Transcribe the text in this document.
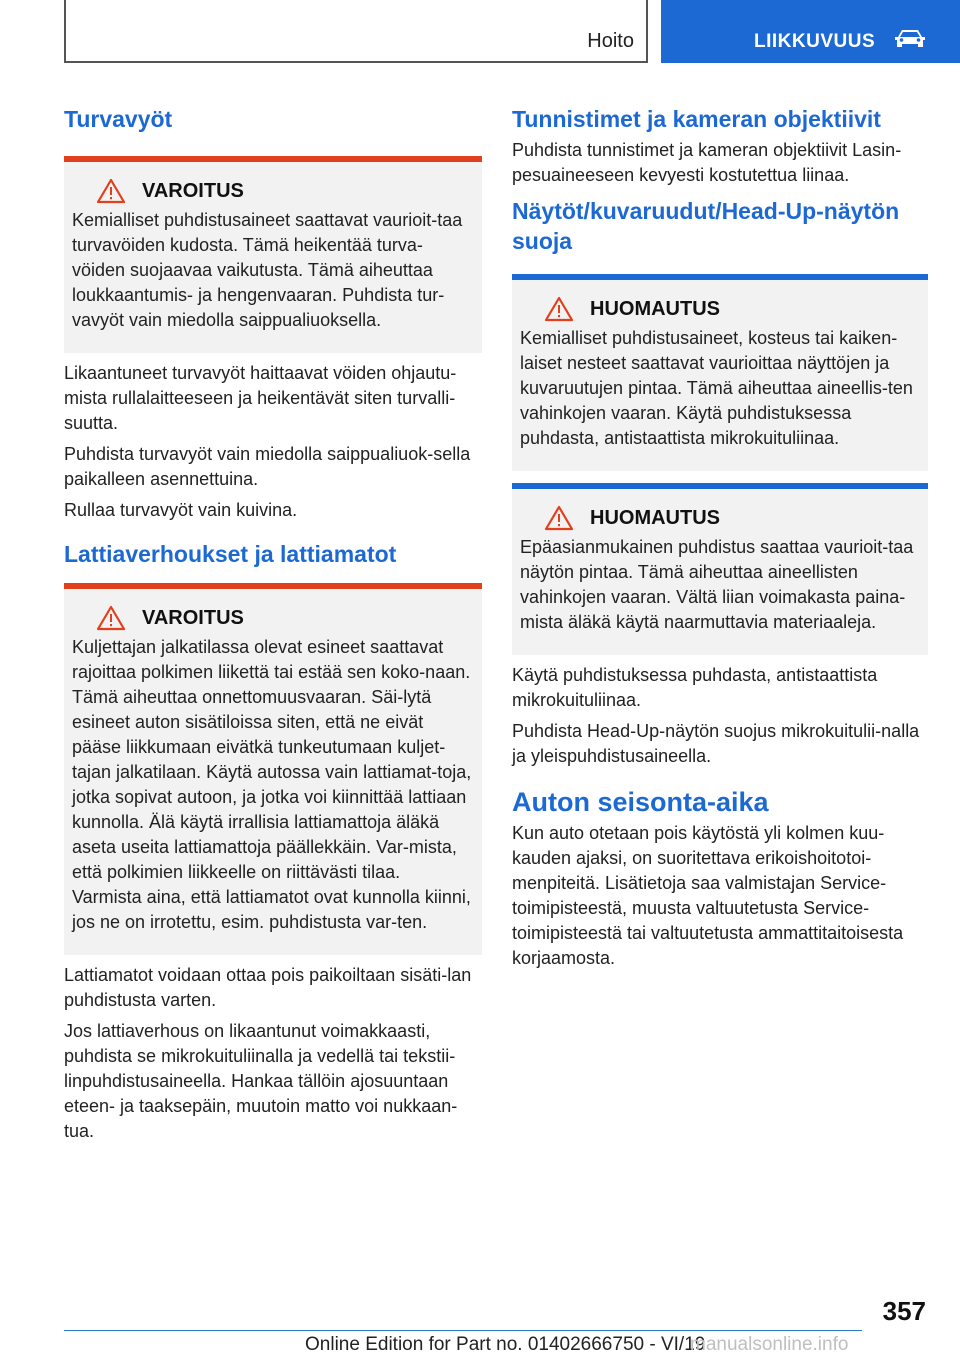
Hoito	LIIKKUVUUS
Turvavyöt
VAROITUS

Kemialliset puhdistusaineet saattavat vaurioit-taa turvavöiden kudosta. Tämä heikentää turva-vöiden suojaavaa vaikutusta. Tämä aiheuttaa loukkaantumis- ja hengenvaaran. Puhdista tur-vavyöt vain miedolla saippualiuoksella.

Likaantuneet turvavyöt haittaavat vöiden ohjautu-mista rullalaitteeseen ja heikentävät siten turvalli-suutta.

Puhdista turvavyöt vain miedolla saippualiuok-sella paikalleen asennettuina.

Rullaa turvavyöt vain kuivina.

Lattiaverhoukset ja lattiamatot
VAROITUS

Kuljettajan jalkatilassa olevat esineet saattavat rajoittaa polkimen liikettä tai estää sen koko-naan. Tämä aiheuttaa onnettomuusvaaran. Säi-lytä esineet auton sisätiloissa siten, että ne eivät pääse liikkumaan eivätkä tunkeutumaan kuljet-tajan jalkatilaan. Käytä autossa vain lattiamat-toja, jotka sopivat autoon, ja jotka voi kiinnittää lattiaan kunnolla. Älä käytä irrallisia lattiamattoja äläkä aseta useita lattiamattoja päällekkäin. Var-mista, että polkimien liikkeelle on riittävästi tilaa. Varmista aina, että lattiamatot ovat kunnolla kiinni, jos ne on irrotettu, esim. puhdistusta var-ten.

Lattiamatot voidaan ottaa pois paikoiltaan sisäti-lan puhdistusta varten.

Jos lattiaverhous on likaantunut voimakkaasti, puhdista se mikrokuituliinalla ja vedellä tai tekstii-linpuhdistusaineella. Hankaa tällöin ajosuuntaan eteen- ja taaksepäin, muutoin matto voi nukkaan-tua.

Tunnistimet ja kameran objektiivit

Puhdista tunnistimet ja kameran objektiivit Lasin-pesuaineeseen kevyesti kostutettua liinaa.

Näytöt/kuvaruudut/Head-Up-näytön suoja
HUOMAUTUS

Kemialliset puhdistusaineet, kosteus tai kaiken-laiset nesteet saattavat vaurioittaa näyttöjen ja kuvaruutujen pintaa. Tämä aiheuttaa aineellis-ten vahinkojen vaaran. Käytä puhdistuksessa puhdasta, antistaattista mikrokuituliinaa.

HUOMAUTUS

Epäasianmukainen puhdistus saattaa vaurioit-taa näytön pintaa. Tämä aiheuttaa aineellisten vahinkojen vaaran. Vältä liian voimakasta paina-mista äläkä käytä naarmuttavia materiaaleja.

Käytä puhdistuksessa puhdasta, antistaattista mikrokuituliinaa.

Puhdista Head-Up-näytön suojus mikrokuitulii-nalla ja yleispuhdistusaineella.

Auton seisonta-aika

Kun auto otetaan pois käytöstä yli kolmen kuu-kauden ajaksi, on suoritettava erikoishoitotoi-menpiteitä. Lisätietoja saa valmistajan Service-toimipisteestä, muusta valtuutetusta Service-toimipisteestä tai valtuutetusta ammattitaitoisesta korjaamosta.

357
Online Edition for Part no. 01402666750 - VI/19
manualsonline.info
